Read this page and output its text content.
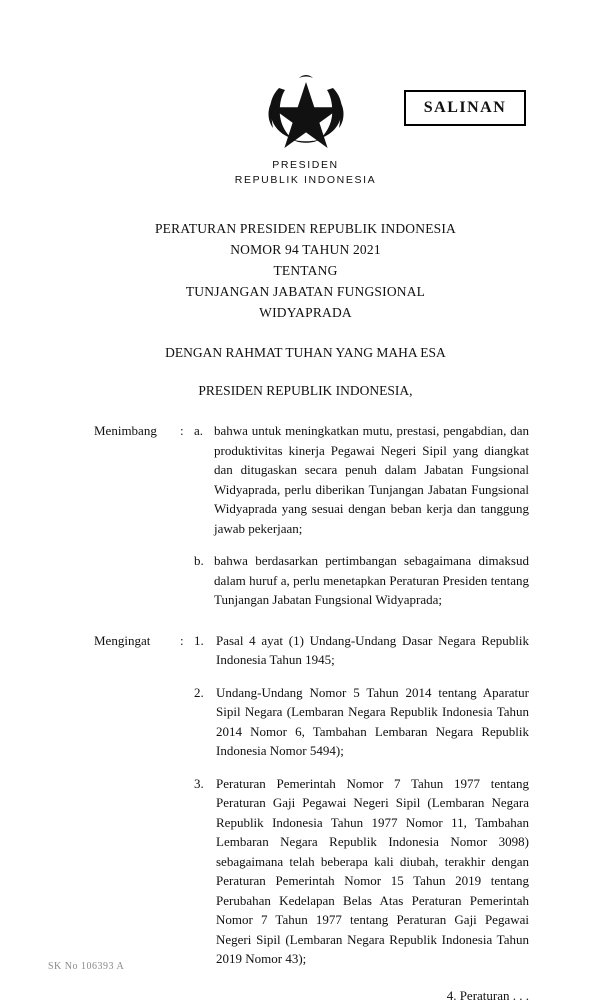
SALINAN
PRESIDEN
REPUBLIK INDONESIA
PERATURAN PRESIDEN REPUBLIK INDONESIA
NOMOR 94 TAHUN 2021
TENTANG
TUNJANGAN JABATAN FUNGSIONAL
WIDYAPRADA
DENGAN RAHMAT TUHAN YANG MAHA ESA
PRESIDEN REPUBLIK INDONESIA,
Menimbang	: a. bahwa untuk meningkatkan mutu, prestasi, pengabdian, dan produktivitas kinerja Pegawai Negeri Sipil yang diangkat dan ditugaskan secara penuh dalam Jabatan Fungsional Widyaprada, perlu diberikan Tunjangan Jabatan Fungsional Widyaprada yang sesuai dengan beban kerja dan tanggung jawab pekerjaan;
b. bahwa berdasarkan pertimbangan sebagaimana dimaksud dalam huruf a, perlu menetapkan Peraturan Presiden tentang Tunjangan Jabatan Fungsional Widyaprada;
Mengingat	: 1. Pasal 4 ayat (1) Undang-Undang Dasar Negara Republik Indonesia Tahun 1945;
2. Undang-Undang Nomor 5 Tahun 2014 tentang Aparatur Sipil Negara (Lembaran Negara Republik Indonesia Tahun 2014 Nomor 6, Tambahan Lembaran Negara Republik Indonesia Nomor 5494);
3. Peraturan Pemerintah Nomor 7 Tahun 1977 tentang Peraturan Gaji Pegawai Negeri Sipil (Lembaran Negara Republik Indonesia Tahun 1977 Nomor 11, Tambahan Lembaran Negara Republik Indonesia Nomor 3098) sebagaimana telah beberapa kali diubah, terakhir dengan Peraturan Pemerintah Nomor 15 Tahun 2019 tentang Perubahan Kedelapan Belas Atas Peraturan Pemerintah Nomor 7 Tahun 1977 tentang Peraturan Gaji Pegawai Negeri Sipil (Lembaran Negara Republik Indonesia Tahun 2019 Nomor 43);
4. Peraturan . . .
SK No 106393 A
